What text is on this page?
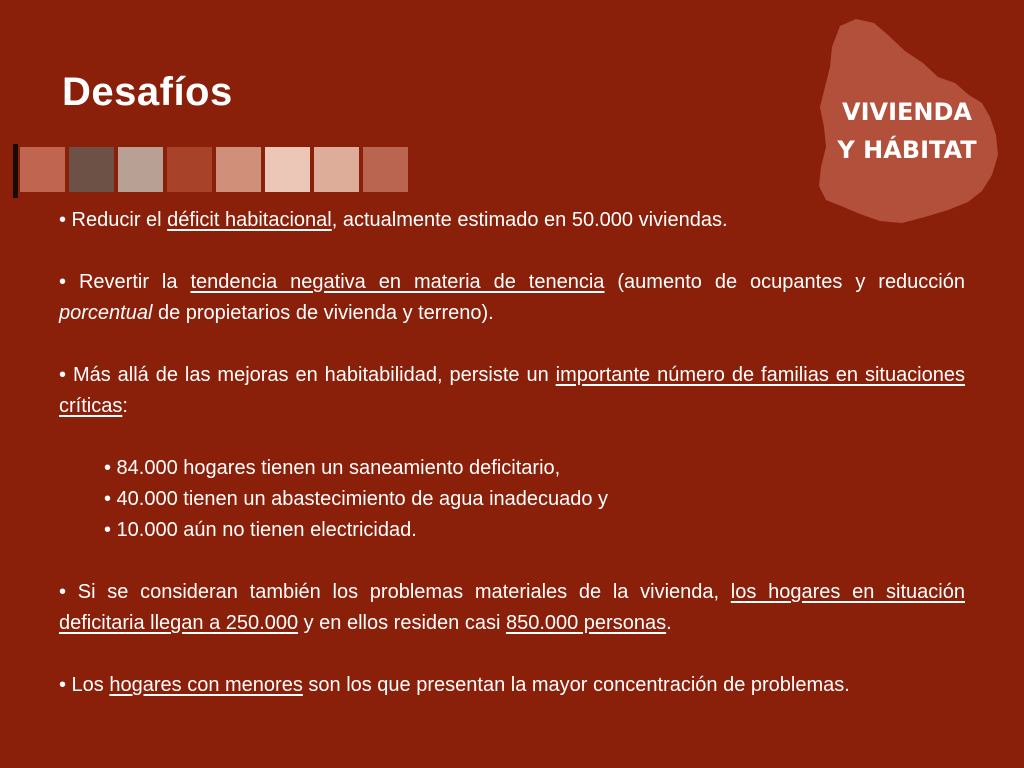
Desafíos	VIVIENDA
Y HÁBITAT

• Reducir el déficit habitacional, actualmente estimado en 50.000 viviendas.

• Revertir la tendencia negativa en materia de tenencia (aumento de ocupantes y reducción porcentual de propietarios de vivienda y terreno).

• Más allá de las mejoras en habitabilidad, persiste un importante número de familias en situaciones críticas:

• 84.000 hogares tienen un saneamiento deficitario,
• 40.000 tienen un abastecimiento de agua inadecuado y
• 10.000 aún no tienen electricidad.

• Si se consideran también los problemas materiales de la vivienda, los hogares en situación deficitaria llegan a 250.000 y en ellos residen casi 850.000 personas.

• Los hogares con menores son los que presentan la mayor concentración de problemas.
